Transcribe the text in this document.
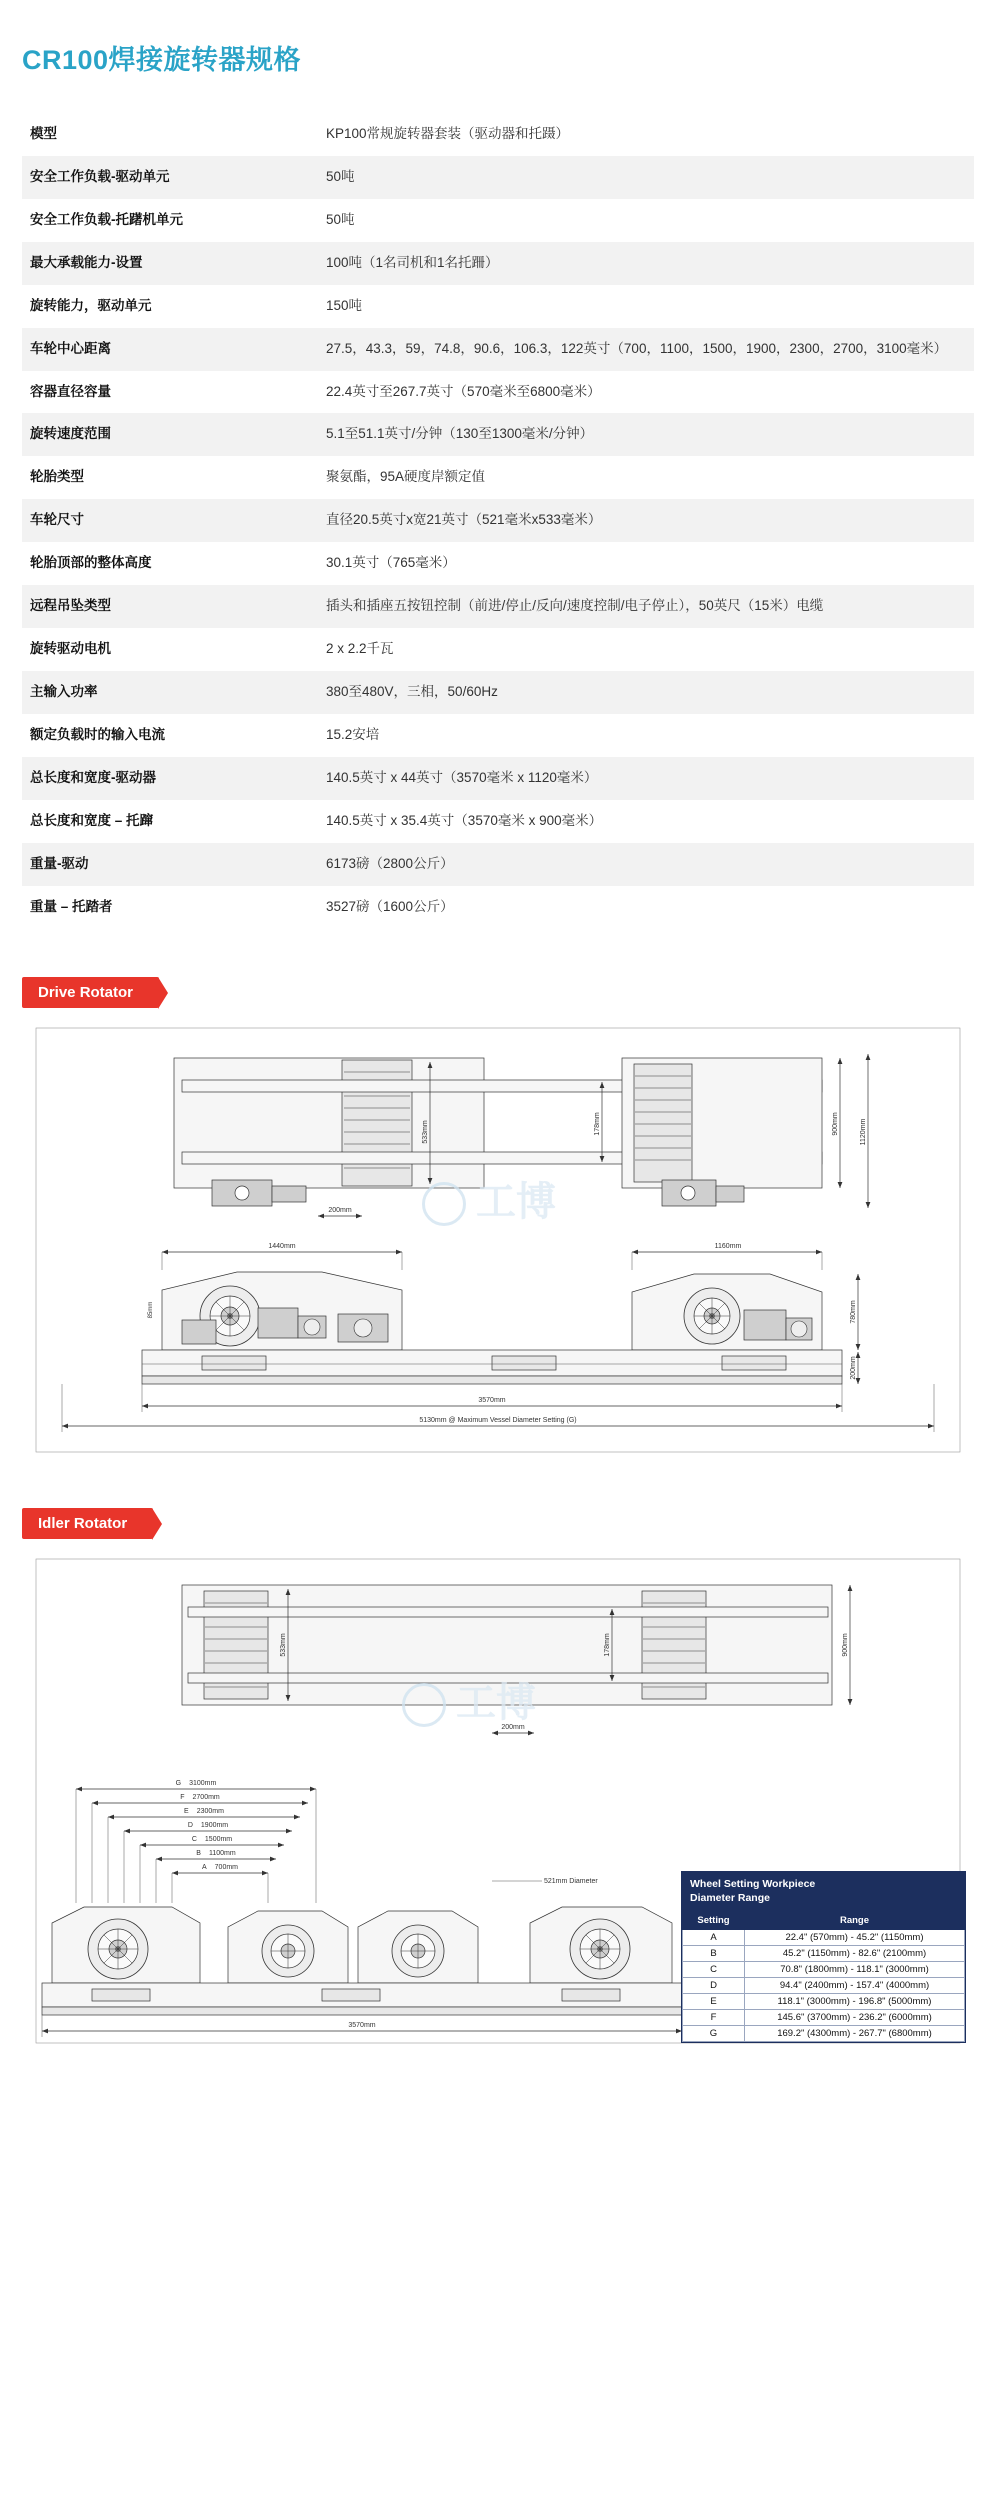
CR100焊接旋转器规格
模型	KP100常规旋转器套装（驱动器和托蹑）
安全工作负载-驱动单元	50吨
安全工作负载-托躇机单元	50吨
最大承载能力-设置	100吨（1名司机和1名托跚）
旋转能力，驱动单元	150吨
车轮中心距离	27.5，43.3，59，74.8，90.6，106.3，122英寸（700，1100，1500，1900，2300，2700，3100毫米）
容器直径容量	22.4英寸至267.7英寸（570毫米至6800毫米）
旋转速度范围	5.1至51.1英寸/分钟（130至1300毫米/分钟）
轮胎类型	聚氨酯，95A硬度岸额定值
车轮尺寸	直径20.5英寸x宽21英寸（521毫米x533毫米）
轮胎顶部的整体高度	30.1英寸（765毫米）
远程吊坠类型	插头和插座五按钮控制（前进/停止/反向/速度控制/电子停止），50英尺（15米）电缆
旋转驱动电机	2 x 2.2千瓦
主输入功率	380至480V，三相，50/60Hz
额定负载时的输入电流	15.2安培
总长度和宽度-驱动器	140.5英寸 x 44英寸（3570毫米 x 1120毫米）
总长度和宽度 – 托蹿	140.5英寸 x 35.4英寸（3570毫米 x 900毫米）
重量-驱动	6173磅（2800公斤）
重量 – 托踏者	3527磅（1600公斤）
Drive Rotator
工博
533mm	178mm	900mm	1120mm
200mm
1440mm	1160mm
85mm	780mm
200mm
3570mm
5130mm @ Maximum Vessel Diameter Setting (G)
Idler Rotator
工博
533mm	178mm	900mm
200mm
G 3100mm
F 2700mm
E 2300mm
D 1900mm
C 1500mm
B 1100mm
A 700mm
521mm Diameter
3570mm
Wheel Setting Workpiece
Diameter Range
Setting	Range
A	22.4" (570mm) - 45.2" (1150mm)
B	45.2" (1150mm) - 82.6" (2100mm)
C	70.8" (1800mm) - 118.1" (3000mm)
D	94.4" (2400mm) - 157.4" (4000mm)
E	118.1" (3000mm) - 196.8" (5000mm)
F	145.6" (3700mm) - 236.2" (6000mm)
G	169.2" (4300mm) - 267.7" (6800mm)
